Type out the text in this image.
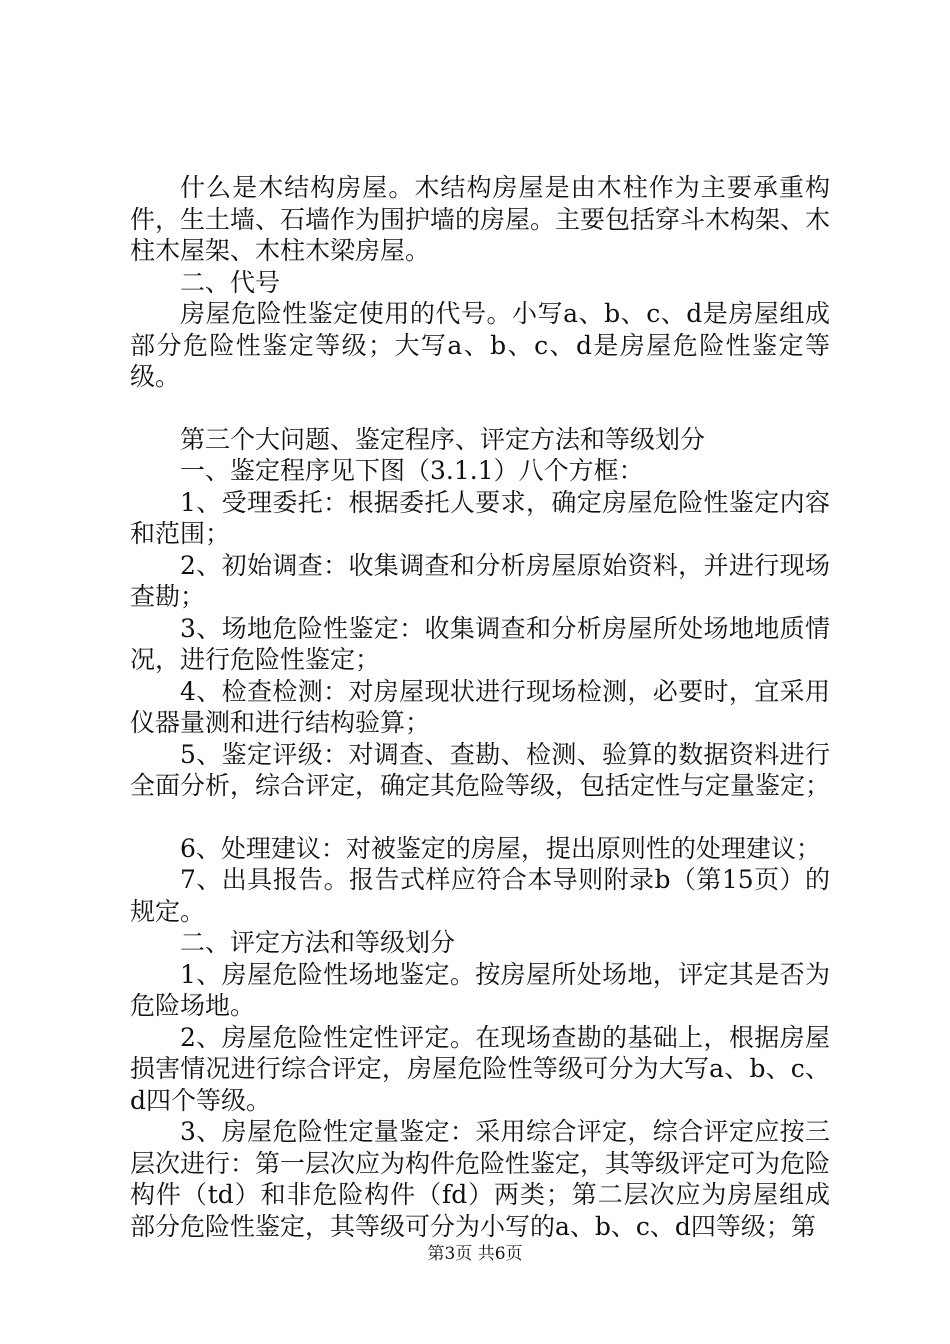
什么是木结构房屋。木结构房屋是由木柱作为主要承重构件，生土墙、石墙作为围护墙的房屋。主要包括穿斗木构架、木柱木屋架、木柱木梁房屋。

二、代号

房屋危险性鉴定使用的代号。小写a、b、c、d是房屋组成部分危险性鉴定等级；大写a、b、c、d是房屋危险性鉴定等级。

第三个大问题、鉴定程序、评定方法和等级划分

一、鉴定程序见下图（3.1.1）八个方框：

1、受理委托：根据委托人要求，确定房屋危险性鉴定内容和范围；

2、初始调查：收集调查和分析房屋原始资料，并进行现场查勘；

3、场地危险性鉴定：收集调查和分析房屋所处场地地质情况，进行危险性鉴定；

4、检查检测：对房屋现状进行现场检测，必要时，宜采用仪器量测和进行结构验算；

5、鉴定评级：对调查、查勘、检测、验算的数据资料进行全面分析，综合评定，确定其危险等级，包括定性与定量鉴定；

6、处理建议：对被鉴定的房屋，提出原则性的处理建议；

7、出具报告。报告式样应符合本导则附录b（第15页）的规定。

二、评定方法和等级划分

1、房屋危险性场地鉴定。按房屋所处场地，评定其是否为危险场地。

2、房屋危险性定性评定。在现场查勘的基础上，根据房屋损害情况进行综合评定，房屋危险性等级可分为大写a、b、c、d四个等级。

3、房屋危险性定量鉴定：采用综合评定，综合评定应按三层次进行：第一层次应为构件危险性鉴定，其等级评定可为危险构件（td）和非危险构件（fd）两类；第二层次应为房屋组成部分危险性鉴定，其等级可分为小写的a、b、c、d四等级；第

第3页 共6页
